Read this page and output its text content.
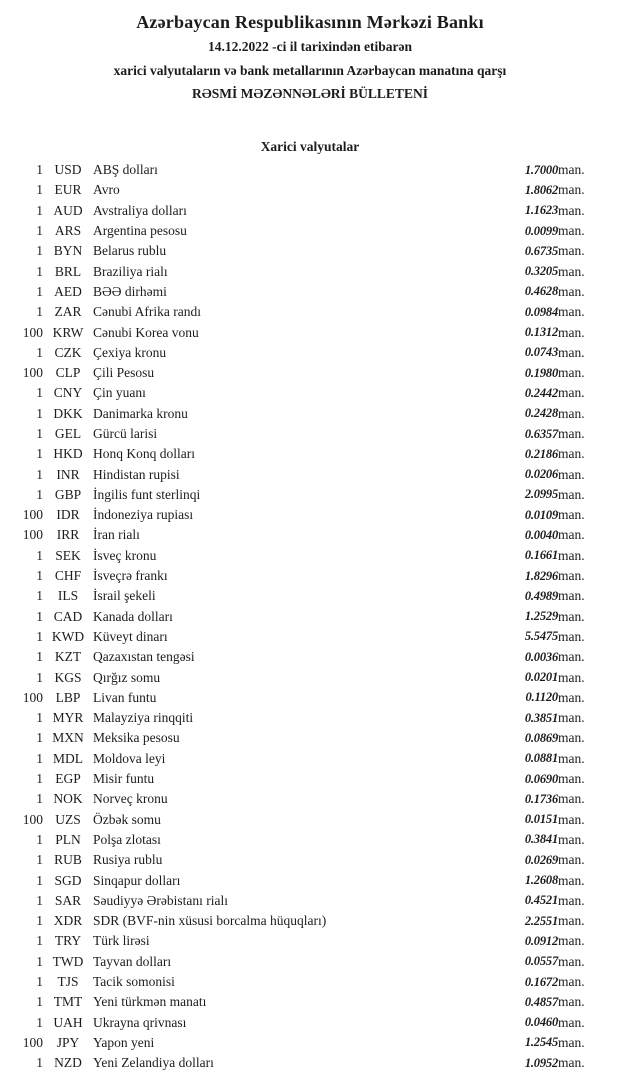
Azərbaycan Respublikasının Mərkəzi Bankı
14.12.2022 -ci il tarixindən etibarən
xarici valyutaların və bank metallarının Azərbaycan manatına qarşı
RƏSMİ MƏZƏNNƏLƏRİ BÜLLETENİ
Xarici valyutalar
1	USD	ABŞ dolları	1.7000	man.
1	EUR	Avro	1.8062	man.
1	AUD	Avstraliya dolları	1.1623	man.
1	ARS	Argentina pesosu	0.0099	man.
1	BYN	Belarus rublu	0.6735	man.
1	BRL	Braziliya rialı	0.3205	man.
1	AED	BƏƏ dirhəmi	0.4628	man.
1	ZAR	Cənubi Afrika randı	0.0984	man.
100	KRW	Cənubi Korea vonu	0.1312	man.
1	CZK	Çexiya kronu	0.0743	man.
100	CLP	Çili Pesosu	0.1980	man.
1	CNY	Çin yuanı	0.2442	man.
1	DKK	Danimarka kronu	0.2428	man.
1	GEL	Gürcü larisi	0.6357	man.
1	HKD	Honq Konq dolları	0.2186	man.
1	INR	Hindistan rupisi	0.0206	man.
1	GBP	İngilis funt sterlinqi	2.0995	man.
100	IDR	İndoneziya rupiası	0.0109	man.
100	IRR	İran rialı	0.0040	man.
1	SEK	İsveç kronu	0.1661	man.
1	CHF	İsveçrə frankı	1.8296	man.
1	ILS	İsrail şekeli	0.4989	man.
1	CAD	Kanada dolları	1.2529	man.
1	KWD	Küveyt dinarı	5.5475	man.
1	KZT	Qazaxıstan tengəsi	0.0036	man.
1	KGS	Qırğız somu	0.0201	man.
100	LBP	Livan funtu	0.1120	man.
1	MYR	Malayziya rinqqiti	0.3851	man.
1	MXN	Meksika pesosu	0.0869	man.
1	MDL	Moldova leyi	0.0881	man.
1	EGP	Misir funtu	0.0690	man.
1	NOK	Norveç kronu	0.1736	man.
100	UZS	Özbək somu	0.0151	man.
1	PLN	Polşa zlotası	0.3841	man.
1	RUB	Rusiya rublu	0.0269	man.
1	SGD	Sinqapur dolları	1.2608	man.
1	SAR	Səudiyyə Ərəbistanı rialı	0.4521	man.
1	XDR	SDR (BVF-nin xüsusi borcalma hüquqları)	2.2551	man.
1	TRY	Türk lirəsi	0.0912	man.
1	TWD	Tayvan dolları	0.0557	man.
1	TJS	Tacik somonisi	0.1672	man.
1	TMT	Yeni türkmən manatı	0.4857	man.
1	UAH	Ukrayna qrivnası	0.0460	man.
100	JPY	Yapon yeni	1.2545	man.
1	NZD	Yeni Zelandiya dolları	1.0952	man.
